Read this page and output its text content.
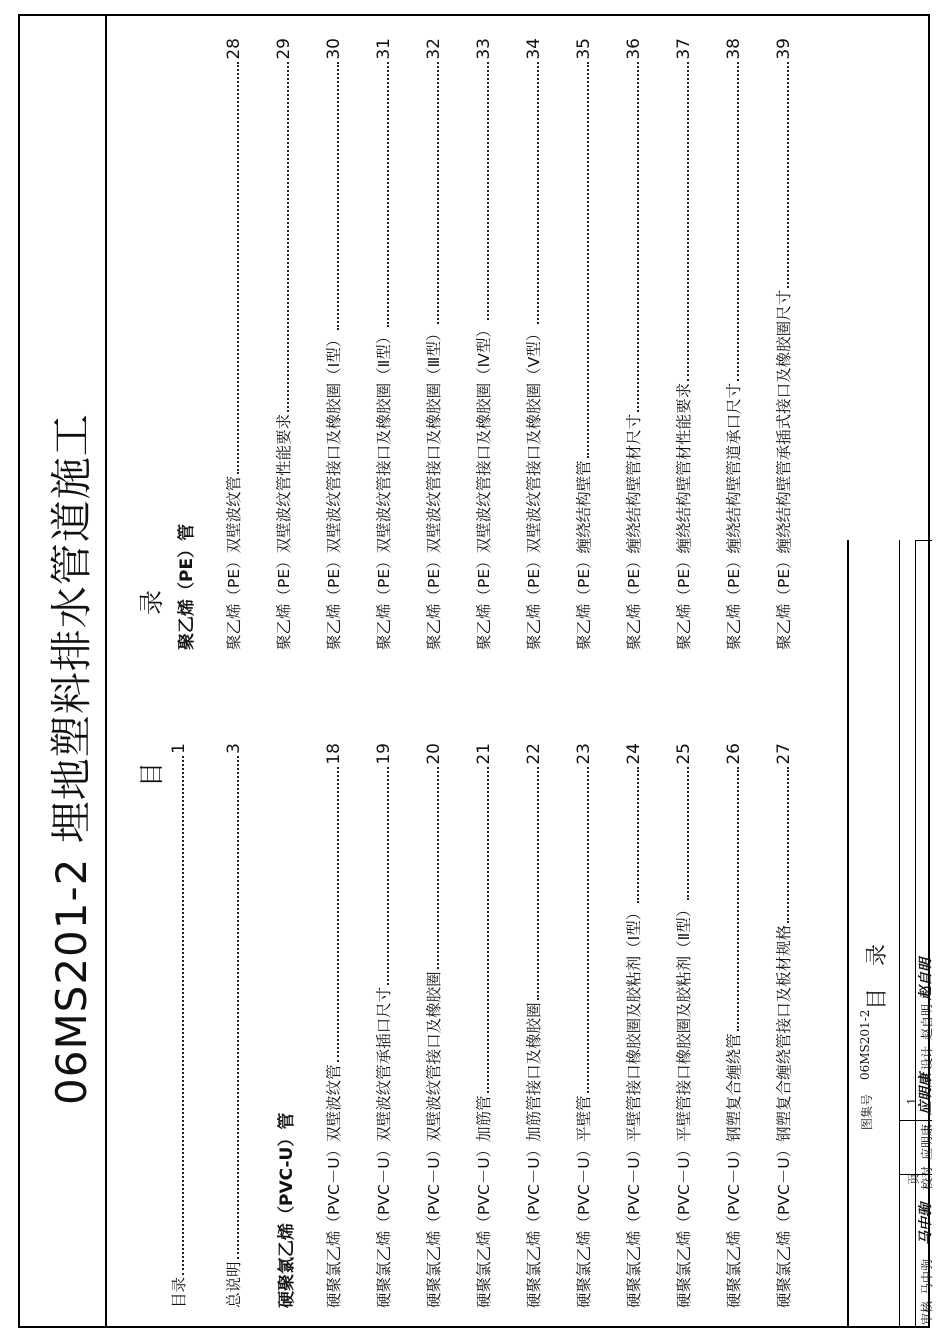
06MS201-2 埋地塑料排水管道施工 目
录
目录
1
总说明
3
硬聚氯乙烯（PVC-U）管 硬聚氯乙烯（PVC－U）双壁波纹管
18
硬聚氯乙烯（PVC－U）双壁波纹管承插口尺寸
19
硬聚氯乙烯（PVC－U）双壁波纹管接口及橡胶圈
20
硬聚氯乙烯（PVC－U）加筋管
21
硬聚氯乙烯（PVC－U）加筋管接口及橡胶圈
22
硬聚氯乙烯（PVC－U）平壁管
23
硬聚氯乙烯（PVC－U）平壁管接口橡胶圈及胶粘剂（Ⅰ型）
24
硬聚氯乙烯（PVC－U）平壁管接口橡胶圈及胶粘剂（Ⅱ型）
25
硬聚氯乙烯（PVC－U）钢塑复合缠绕管
26
硬聚氯乙烯（PVC－U）钢塑复合缠绕管接口及板材规格
27
聚乙烯（PE）管 聚乙烯（PE）双壁波纹管
28
聚乙烯（PE）双壁波纹管性能要求
29
聚乙烯（PE）双壁波纹管接口及橡胶圈（Ⅰ型）
30
聚乙烯（PE）双壁波纹管接口及橡胶圈（Ⅱ型）
31
聚乙烯（PE）双壁波纹管接口及橡胶圈（Ⅲ型）
32
聚乙烯（PE）双壁波纹管接口及橡胶圈（Ⅳ型）
33
聚乙烯（PE）双壁波纹管接口及橡胶圈（Ⅴ型）
34
聚乙烯（PE）缠绕结构壁管
35
聚乙烯（PE）缠绕结构壁管材尺寸
36
聚乙烯（PE）缠绕结构壁管材性能要求
37
聚乙烯（PE）缠绕结构壁管道承口尺寸
38
聚乙烯（PE）缠绕结构壁管承插式接口及橡胶圈尺寸
39
目　录
图集号
06MS201-2
页
1
审核
马中驹
马中驹
校对
应明康
应明康
设计
赵自明
赵自明
